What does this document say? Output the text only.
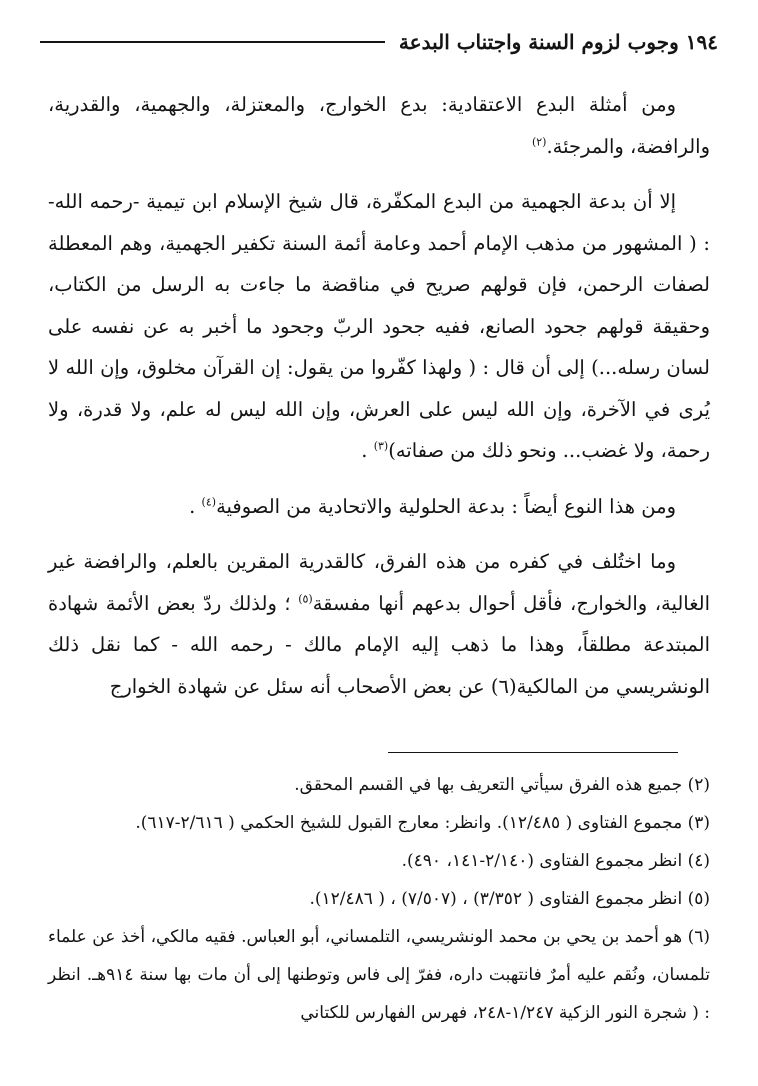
١٩٤ وجوب لزوم السنة واجتناب البدعة

ومن أمثلة البدع الاعتقادية: بدع الخوارج، والمعتزلة، والجهمية، والقدرية، والرافضة، والمرجئة.$^{(٢)}$

إلا أن بدعة الجهمية من البدع المكفّرة، قال شيخ الإسلام ابن تيمية -رحمه الله- : ( المشهور من مذهب الإمام أحمد وعامة أئمة السنة تكفير الجهمية، وهم المعطلة لصفات الرحمن، فإن قولهم صريح في مناقضة ما جاءت به الرسل من الكتاب، وحقيقة قولهم جحود الصانع، ففيه جحود الربّ وجحود ما أخبر به عن نفسه على لسان رسله...) إلى أن قال : ( ولهذا كفّروا من يقول: إن القرآن مخلوق، وإن الله لا يُرى في الآخرة، وإن الله ليس على العرش، وإن الله ليس له علم، ولا قدرة، ولا رحمة، ولا غضب... ونحو ذلك من صفاته)$^{(٣)}$ .

ومن هذا النوع أيضاً : بدعة الحلولية والاتحادية من الصوفية$^{(٤)}$ .

وما اختُلف في كفره من هذه الفرق، كالقدرية المقرين بالعلم، والرافضة غير الغالية، والخوارج، فأقل أحوال بدعهم أنها مفسقة$^{(٥)}$ ؛ ولذلك ردّ بعض الأئمة شهادة المبتدعة مطلقاً، وهذا ما ذهب إليه الإمام مالك - رحمه الله - كما نقل ذلك الونشريسي من المالكية(٦) عن بعض الأصحاب أنه سئل عن شهادة الخوارج

(٢) جميع هذه الفرق سيأتي التعريف بها في القسم المحقق.

(٣) مجموع الفتاوى ( ١٢/٤٨٥). وانظر: معارج القبول للشيخ الحكمي ( ٢/٦١٦-٦١٧).

(٤) انظر مجموع الفتاوى (٢/١٤٠-١٤١، ٤٩٠).

(٥) انظر مجموع الفتاوى ( ٣/٣٥٢) ، (٧/٥٠٧) ، ( ١٢/٤٨٦).

(٦) هو أحمد بن يحي بن محمد الونشريسي، التلمساني، أبو العباس. فقيه مالكي، أخذ عن علماء تلمسان، ونُقم عليه أمرٌ فانتهبت داره، ففرّ إلى فاس وتوطنها إلى أن مات بها سنة ٩١٤هـ. انظر : ( شجرة النور الزكية ١/٢٤٧-٢٤٨، فهرس الفهارس للكتاني
